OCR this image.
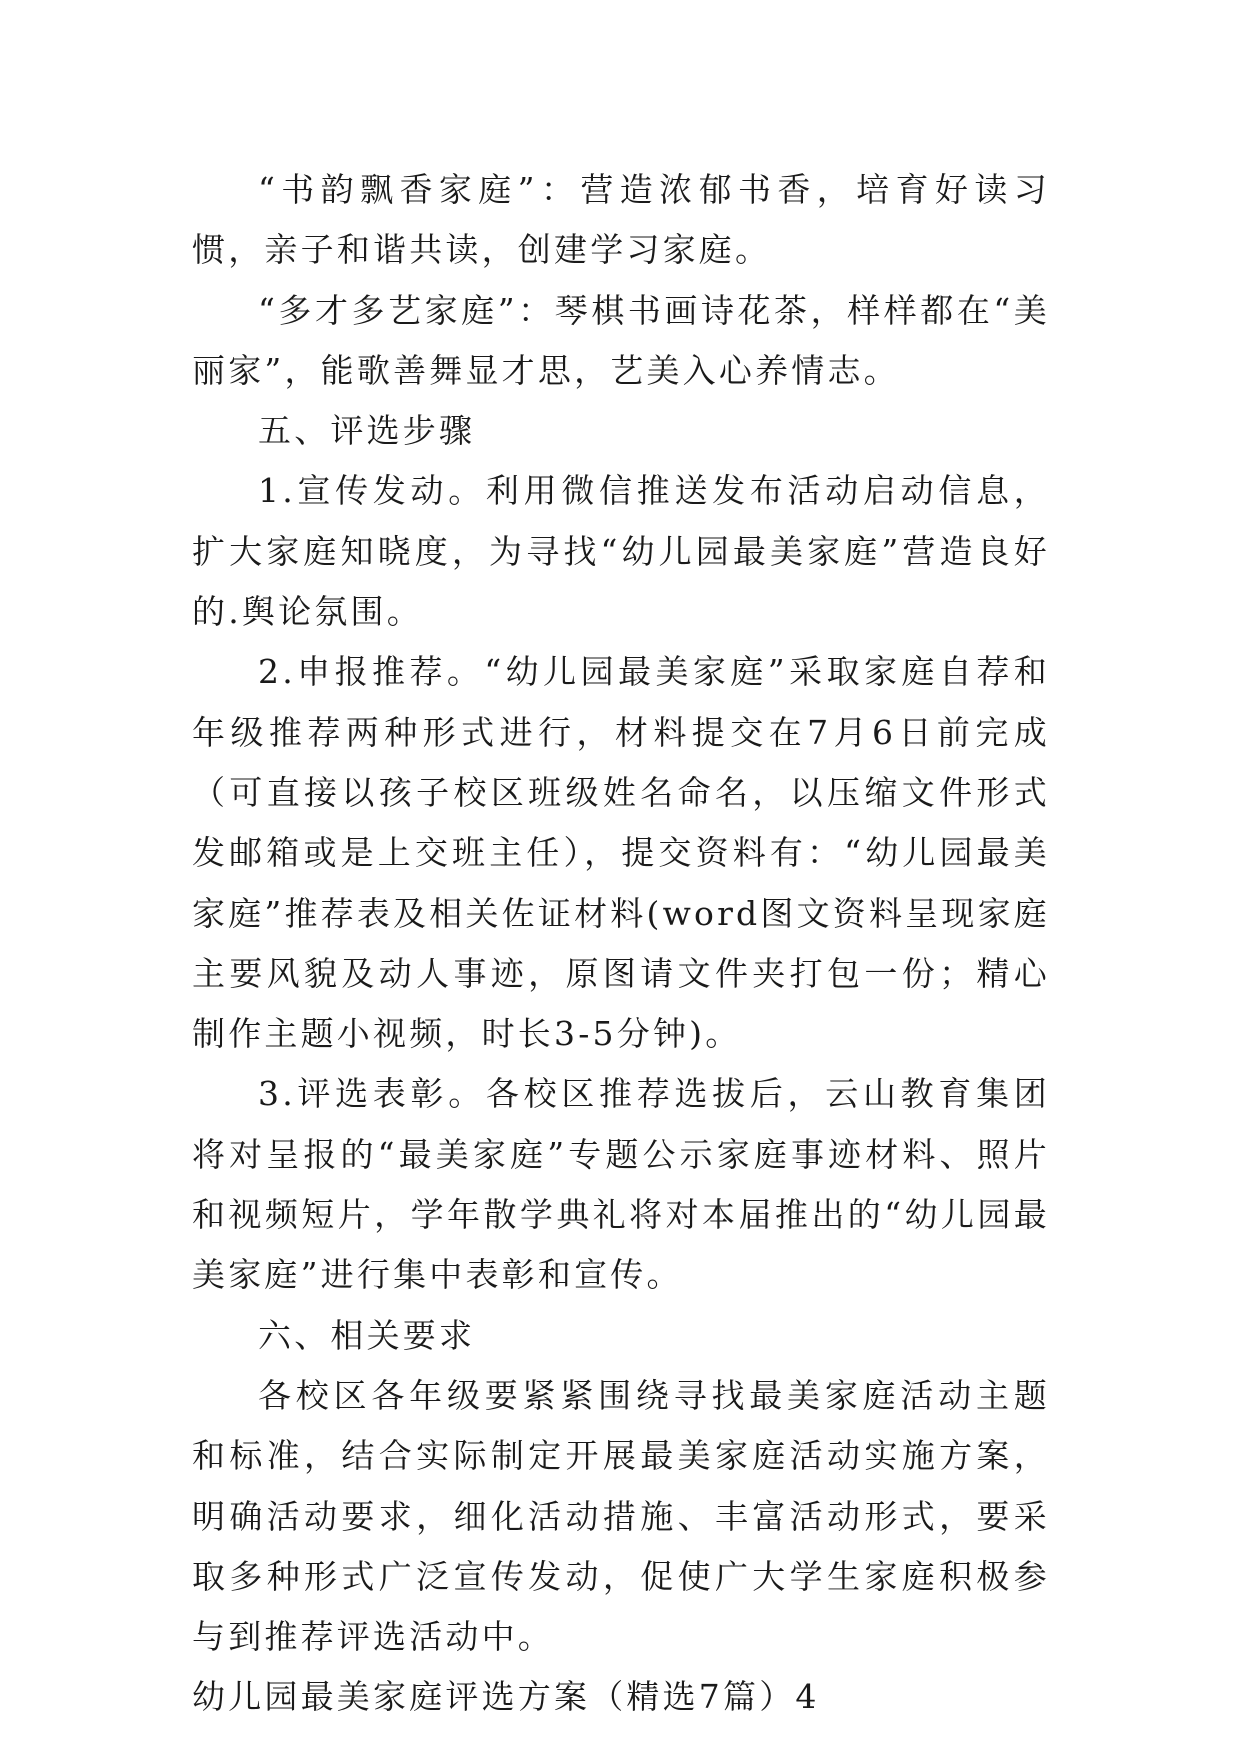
“书韵飘香家庭”：营造浓郁书香，培育好读习惯，亲子和谐共读，创建学习家庭。

“多才多艺家庭”：琴棋书画诗花茶，样样都在“美丽家”，能歌善舞显才思，艺美入心养情志。

五、评选步骤

1.宣传发动。利用微信推送发布活动启动信息，扩大家庭知晓度，为寻找“幼儿园最美家庭”营造良好的.舆论氛围。

2.申报推荐。“幼儿园最美家庭”采取家庭自荐和年级推荐两种形式进行，材料提交在7月6日前完成（可直接以孩子校区班级姓名命名，以压缩文件形式发邮箱或是上交班主任），提交资料有：“幼儿园最美家庭”推荐表及相关佐证材料(word图文资料呈现家庭主要风貌及动人事迹，原图请文件夹打包一份；精心制作主题小视频，时长3-5分钟)。

3.评选表彰。各校区推荐选拔后，云山教育集团将对呈报的“最美家庭”专题公示家庭事迹材料、照片和视频短片，学年散学典礼将对本届推出的“幼儿园最美家庭”进行集中表彰和宣传。

六、相关要求

各校区各年级要紧紧围绕寻找最美家庭活动主题和标准，结合实际制定开展最美家庭活动实施方案，明确活动要求，细化活动措施、丰富活动形式，要采取多种形式广泛宣传发动，促使广大学生家庭积极参与到推荐评选活动中。

幼儿园最美家庭评选方案（精选7篇）4
